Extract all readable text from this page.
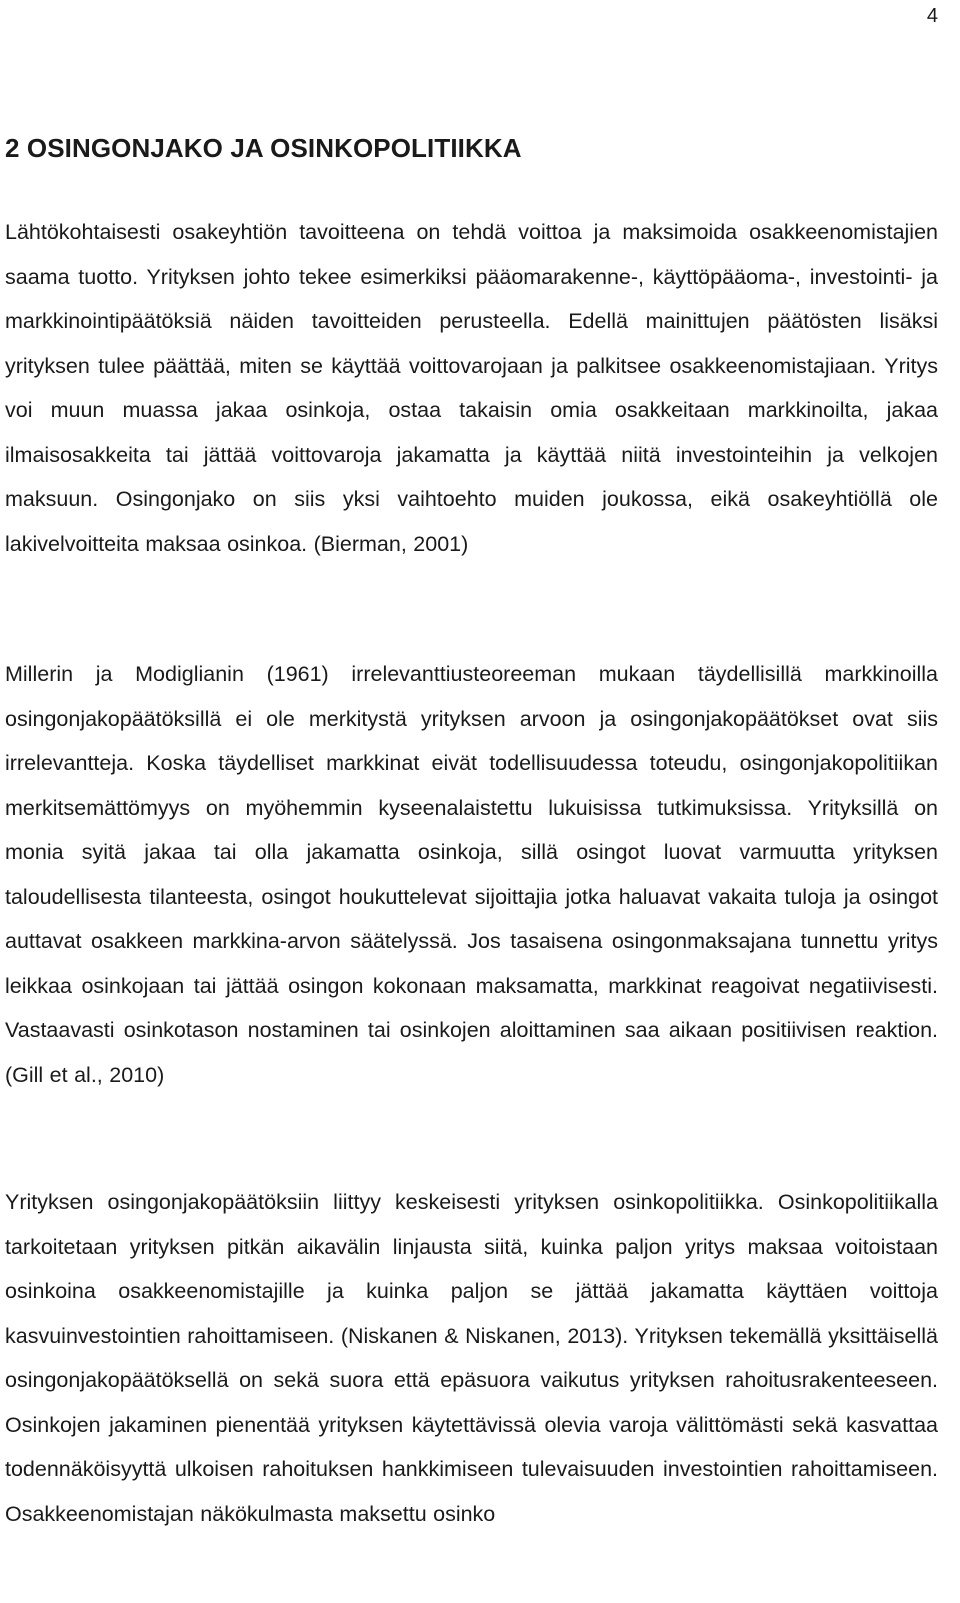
4
2 OSINGONJAKO JA OSINKOPOLITIIKKA

Lähtökohtaisesti osakeyhtiön tavoitteena on tehdä voittoa ja maksimoida osakkeenomistajien saama tuotto. Yrityksen johto tekee esimerkiksi pääomarakenne-, käyttöpääoma-, investointi- ja markkinointipäätöksiä näiden tavoitteiden perusteella. Edellä mainittujen päätösten lisäksi yrityksen tulee päättää, miten se käyttää voittovarojaan ja palkitsee osakkeenomistajiaan. Yritys voi muun muassa jakaa osinkoja, ostaa takaisin omia osakkeitaan markkinoilta, jakaa ilmaisosakkeita tai jättää voittovaroja jakamatta ja käyttää niitä investointeihin ja velkojen maksuun. Osingonjako on siis yksi vaihtoehto muiden joukossa, eikä osakeyhtiöllä ole lakivelvoitteita maksaa osinkoa. (Bierman, 2001)

Millerin ja Modiglianin (1961) irrelevanttiusteoreeman mukaan täydellisillä markkinoilla osingonjakopäätöksillä ei ole merkitystä yrityksen arvoon ja osingonjakopäätökset ovat siis irrelevantteja. Koska täydelliset markkinat eivät todellisuudessa toteudu, osingonjakopolitiikan merkitsemättömyys on myöhemmin kyseenalaistettu lukuisissa tutkimuksissa. Yrityksillä on monia syitä jakaa tai olla jakamatta osinkoja, sillä osingot luovat varmuutta yrityksen taloudellisesta tilanteesta, osingot houkuttelevat sijoittajia jotka haluavat vakaita tuloja ja osingot auttavat osakkeen markkina-arvon säätelyssä. Jos tasaisena osingonmaksajana tunnettu yritys leikkaa osinkojaan tai jättää osingon kokonaan maksamatta, markkinat reagoivat negatiivisesti. Vastaavasti osinkotason nostaminen tai osinkojen aloittaminen saa aikaan positiivisen reaktion. (Gill et al., 2010)

Yrityksen osingonjakopäätöksiin liittyy keskeisesti yrityksen osinkopolitiikka. Osinkopolitiikalla tarkoitetaan yrityksen pitkän aikavälin linjausta siitä, kuinka paljon yritys maksaa voitoistaan osinkoina osakkeenomistajille ja kuinka paljon se jättää jakamatta käyttäen voittoja kasvuinvestointien rahoittamiseen. (Niskanen & Niskanen, 2013). Yrityksen tekemällä yksittäisellä osingonjakopäätöksellä on sekä suora että epäsuora vaikutus yrityksen rahoitusrakenteeseen. Osinkojen jakaminen pienentää yrityksen käytettävissä olevia varoja välittömästi sekä kasvattaa todennäköisyyttä ulkoisen rahoituksen hankkimiseen tulevaisuuden investointien rahoittamiseen. Osakkeenomistajan näkökulmasta maksettu osinko
